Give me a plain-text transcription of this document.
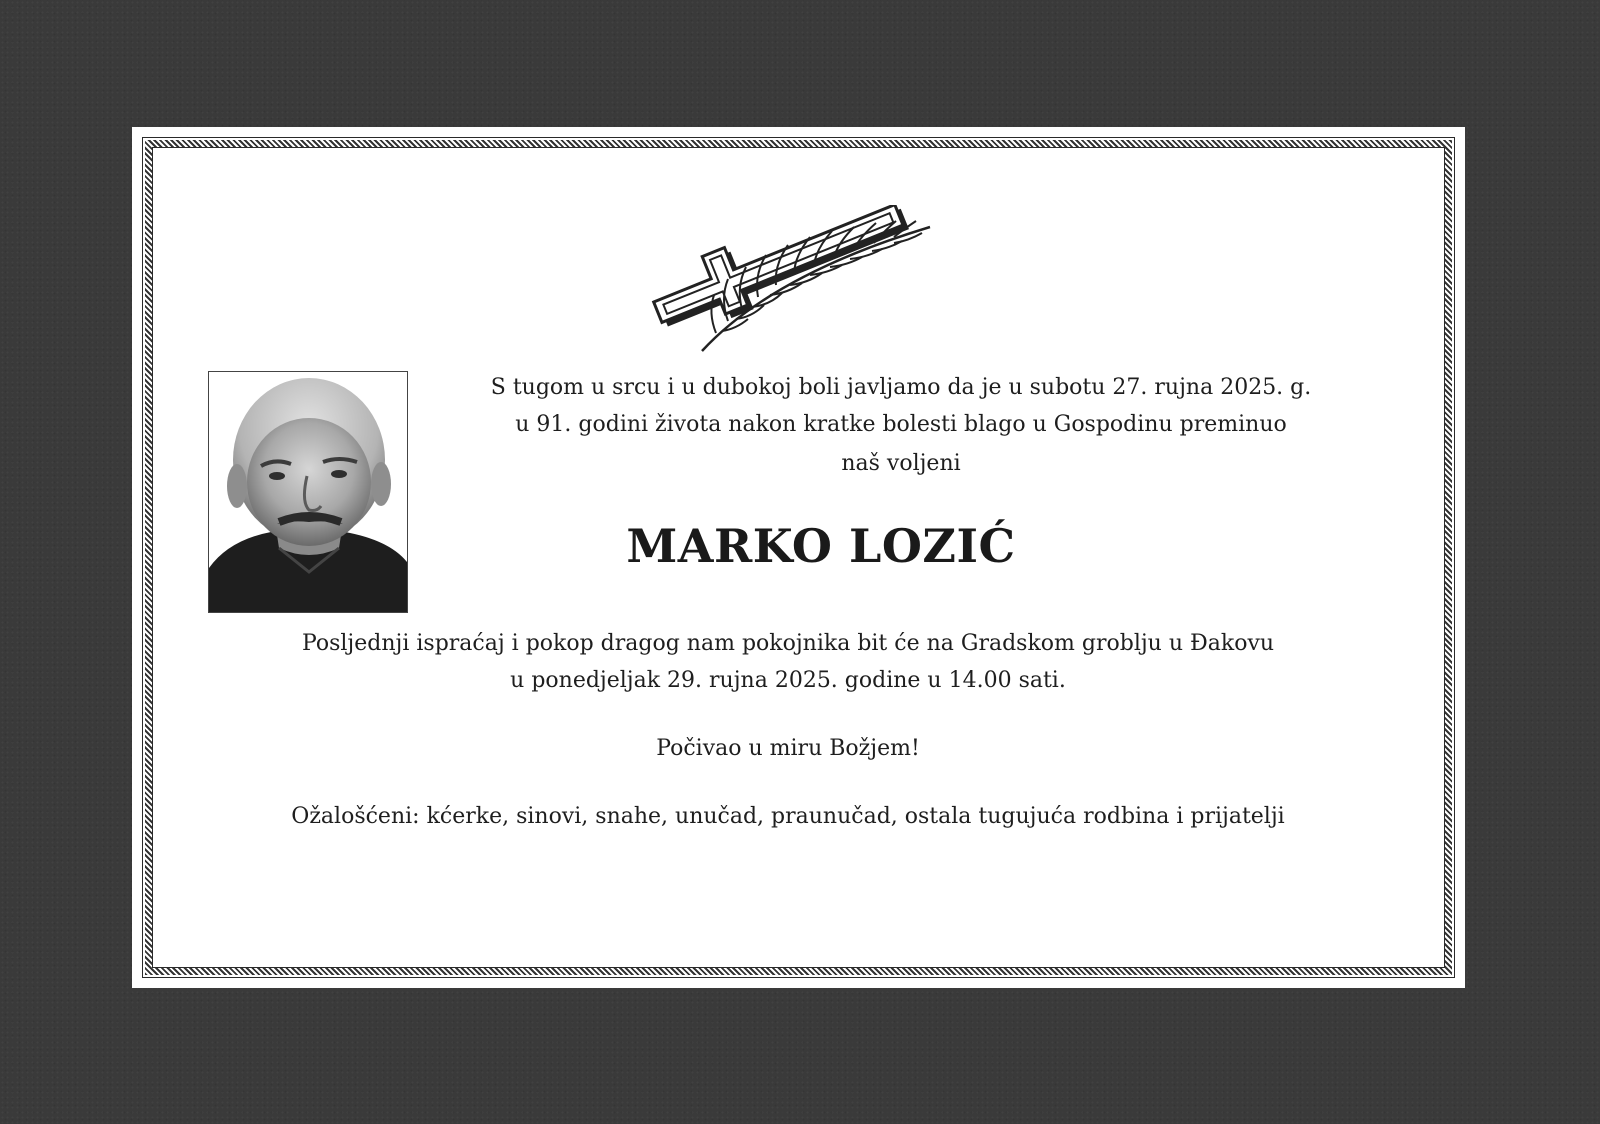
S tugom u srcu i u dubokoj boli javljamo da je u subotu 27. rujna 2025. g.
u 91. godini života nakon kratke bolesti blago u Gospodinu preminuo
naš voljeni
MARKO LOZIĆ
Posljednji ispraćaj i pokop dragog nam pokojnika bit će na Gradskom groblju u Đakovu
u ponedjeljak 29. rujna 2025. godine u 14.00 sati.
Počivao u miru Božjem!
Ožalošćeni: kćerke, sinovi, snahe, unučad, praunučad, ostala tugujuća rodbina i prijatelji
